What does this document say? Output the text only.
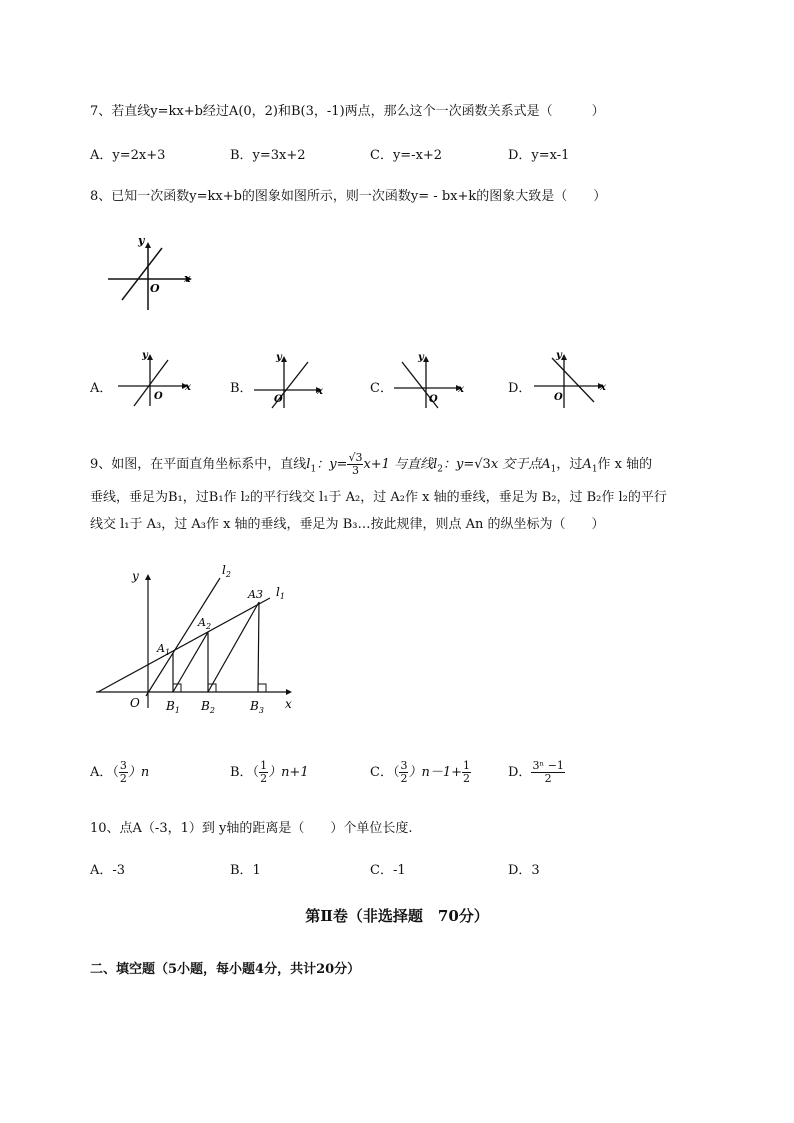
7、若直线y=kx+b经过A(0，2)和B(3，-1)两点，那么这个一次函数关系式是（　　　）
A．y=2x+3	B．y=3x+2	C．y=-x+2	D．y=x-1
8、已知一次函数y=kx+b的图象如图所示，则一次函数y= - bx+k的图象大致是（　　）
y
x
O
A．
y
x
O
B．
y
x
O
C．
y
x
O
D．
y
x
O
9、如图，在平面直角坐标系中，直线$l_1$：$y= \frac{√3}{3} x+1$ 与直线$l_2$：y=√3x 交于点$A_1$，过$A_1$作 x 轴的
垂线，垂足为B₁，过B₁作 l₂的平行线交 l₁于 A₂，过 A₂作 x 轴的垂线，垂足为 B₂，过 B₂作 l₂的平行
线交 l₁于 A₃，过 A₃作 x 轴的垂线，垂足为 B₃…按此规律，则点 An 的纵坐标为（　　）
y
x
O
$l_2$
$l_1$
$A_1$
$A_2$
A3
$B_1$ $B_2$	$B_3$
A．（ $\frac{3}{2} )n$	B．（ $\frac{1}{2} )n+1$	C．（ $\frac{3}{2} )n-1+ \frac{1}{2}$	D． $\frac{\text{3ⁿ −1}}{2}$
10、点A（-3，1）到 y轴的距离是（　　）个单位长度.
A．-3	B．1	C．-1	D．3
第Ⅱ卷（非选择题　70分）
二、填空题（5小题，每小题4分，共计20分）
